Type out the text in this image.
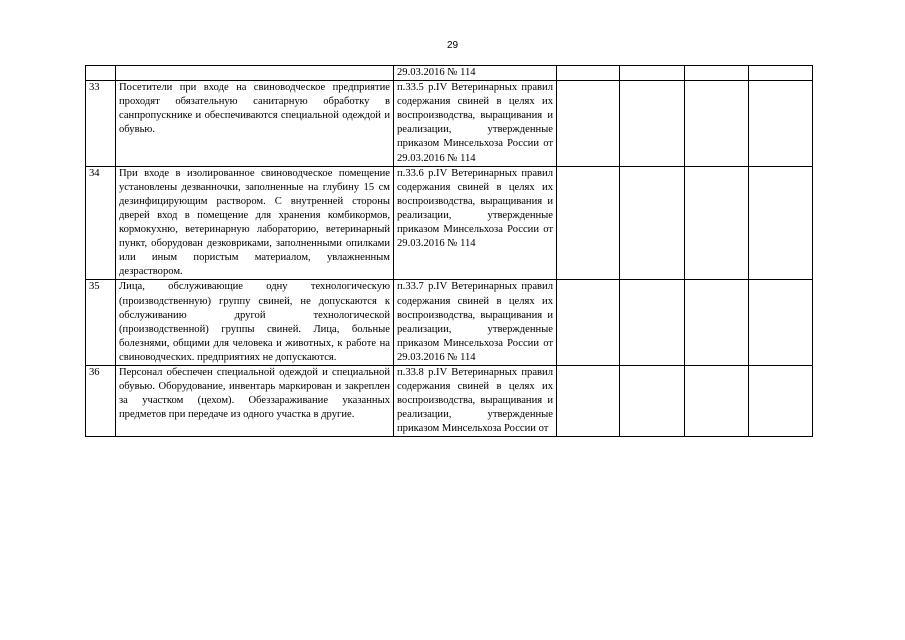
29
		29.03.2016 № 114				
33	Посетители при входе на свиноводческое предприятие проходят обязательную санитарную обработку в санпропускнике и обеспечиваются специальной одеждой и обувью.	п.33.5 р.IV Ветеринарных правил содержания свиней в целях их воспроизводства, выращивания и реализации, утвержденные приказом Минсельхоза России от 29.03.2016 № 114				
34	При входе в изолированное свиноводческое помещение установлены дезванночки, заполненные на глубину 15 см дезинфицирующим раствором. С внутренней стороны дверей вход в помещение для хранения комбикормов, кормокухню, ветеринарную лабораторию, ветеринарный пункт, оборудован дезковриками, заполненными опилками или иным пористым материалом, увлажненным дезраствором.	п.33.6 р.IV Ветеринарных правил содержания свиней в целях их воспроизводства, выращивания и реализации, утвержденные приказом Минсельхоза России от 29.03.2016 № 114				
35	Лица, обслуживающие одну технологическую (производственную) группу свиней, не допускаются к обслуживанию другой технологической (производственной) группы свиней. Лица, больные болезнями, общими для человека и животных, к работе на свиноводческих. предприятиях не допускаются.	п.33.7 р.IV Ветеринарных правил содержания свиней в целях их воспроизводства, выращивания и реализации, утвержденные приказом Минсельхоза России от 29.03.2016 № 114				
36	Персонал обеспечен специальной одеждой и специальной обувью. Оборудование, инвентарь маркирован и закреплен за участком (цехом). Обеззараживание указанных предметов при передаче из одного участка в другие.	п.33.8 р.IV Ветеринарных правил содержания свиней в целях их воспроизводства, выращивания и реализации, утвержденные приказом Минсельхоза России от				
